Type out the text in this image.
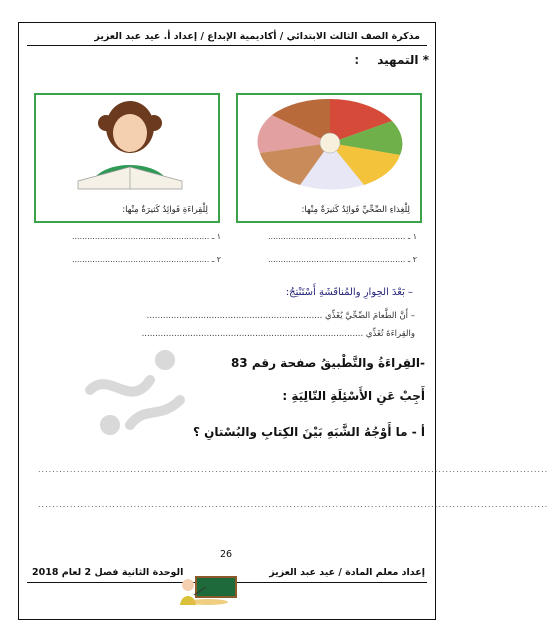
مذكرة الصف الثالث الابتدائي / أكاديمية الإبداع / إعداد أ. عيد عبد العزيز
* التمهيد:
لِلْغِذاءِ الصِّحِّيِّ فَوائِدُ كَثيرَةٌ مِنْها:
لِلْقِراءَةِ فَوائِدُ كَثيرَةٌ مِنْها:
١ ـ ......................................................
٢ ـ ......................................................
١ ـ ......................................................
٢ ـ ......................................................
– بَعْدَ الحِوارِ والمُناقَشَةِ أَسْتَنْتِجُ:
– أَنَّ الطَّعامَ الصِّحِّيَّ يُغَذِّي .................................................................
والقِراءَةَ تُغَذِّي ..................................................................................
-القِراءَةُ والتَّطْبيقُ صفحة رقم 83
أَجِبْ عَنِ الأَسْئِلَةِ التّالِيَةِ :
أ - ما أَوْجُهُ الشَّبَهِ بَيْنَ الكِتابِ والبُسْتانِ ؟
................................................................................................................................................
................................................................................................................................................
26
إعداد معلم المادة / عيد عبد العزيز
الوحدة الثانية فصل 2 لعام 2018
